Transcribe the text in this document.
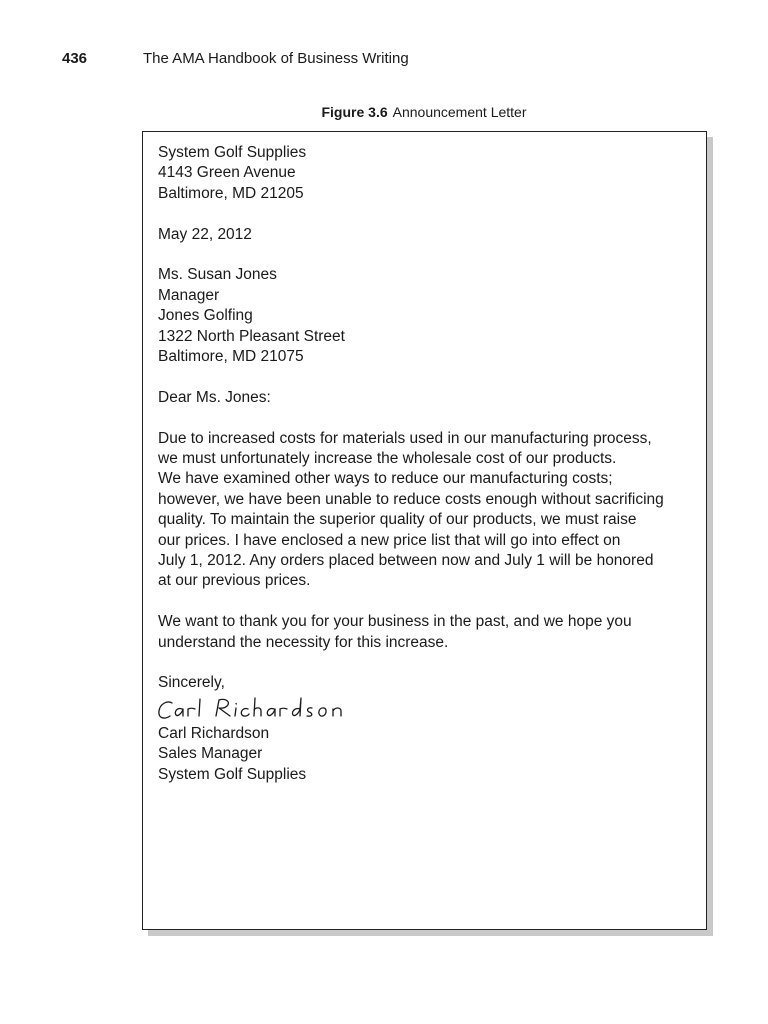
436	The AMA Handbook of Business Writing
Figure 3.6 Announcement Letter
System Golf Supplies
4143 Green Avenue
Baltimore, MD 21205
May 22, 2012
Ms. Susan Jones
Manager
Jones Golfing
1322 North Pleasant Street
Baltimore, MD 21075
Dear Ms. Jones:
Due to increased costs for materials used in our manufacturing process,
we must unfortunately increase the wholesale cost of our products.
We have examined other ways to reduce our manufacturing costs;
however, we have been unable to reduce costs enough without sacrificing
quality. To maintain the superior quality of our products, we must raise
our prices. I have enclosed a new price list that will go into effect on
July 1, 2012. Any orders placed between now and July 1 will be honored
at our previous prices.
We want to thank you for your business in the past, and we hope you
understand the necessity for this increase.
Sincerely,
Carl Richardson
Sales Manager
System Golf Supplies
